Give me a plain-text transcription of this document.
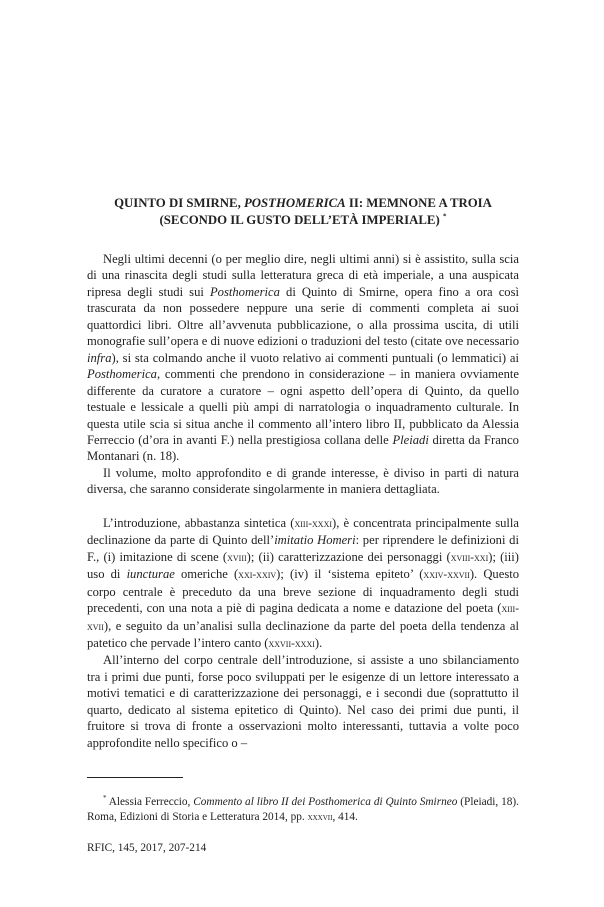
QUINTO DI SMIRNE, POSTHOMERICA II: MEMNONE A TROIA
(SECONDO IL GUSTO DELL’ETÀ IMPERIALE) *

Negli ultimi decenni (o per meglio dire, negli ultimi anni) si è assistito, sulla scia di una rinascita degli studi sulla letteratura greca di età imperiale, a una auspicata ripresa degli studi sui Posthomerica di Quinto di Smirne, opera fino a ora così trascurata da non possedere neppure una serie di commenti completa ai suoi quattordici libri. Oltre all’avvenuta pubblicazione, o alla prossima uscita, di utili monografie sull’opera e di nuove edizioni o traduzioni del testo (citate ove necessario infra), si sta colmando anche il vuoto relativo ai commenti puntuali (o lemmatici) ai Posthomerica, commenti che prendono in considerazione – in maniera ovviamente differente da curatore a curatore – ogni aspetto dell’opera di Quinto, da quello testuale e lessicale a quelli più ampi di narratologia o inquadramento culturale. In questa utile scia si situa anche il commento all’intero libro II, pubblicato da Alessia Ferreccio (d’ora in avanti F.) nella prestigiosa collana delle Pleiadi diretta da Franco Montanari (n. 18).

Il volume, molto approfondito e di grande interesse, è diviso in parti di natura diversa, che saranno considerate singolarmente in maniera dettagliata.

L’introduzione, abbastanza sintetica (xiii-xxxi), è concentrata principalmente sulla declinazione da parte di Quinto dell’imitatio Homeri: per riprendere le definizioni di F., (i) imitazione di scene (xviii); (ii) caratterizzazione dei personaggi (xviii-xxi); (iii) uso di iuncturae omeriche (xxi-xxiv); (iv) il ‘sistema epiteto’ (xxiv-xxvii). Questo corpo centrale è preceduto da una breve sezione di inquadramento degli studi precedenti, con una nota a piè di pagina dedicata a nome e datazione del poeta (xiii-xvii), e seguito da un’analisi sulla declinazione da parte del poeta della tendenza al patetico che pervade l’intero canto (xxvii-xxxi).

All’interno del corpo centrale dell’introduzione, si assiste a uno sbilanciamento tra i primi due punti, forse poco sviluppati per le esigenze di un lettore interessato a motivi tematici e di caratterizzazione dei personaggi, e i secondi due (soprattutto il quarto, dedicato al sistema epitetico di Quinto). Nel caso dei primi due punti, il fruitore si trova di fronte a osservazioni molto interessanti, tuttavia a volte poco approfondite nello specifico o –

* Alessia Ferreccio, Commento al libro II dei Posthomerica di Quinto Smirneo (Pleiadi, 18). Roma, Edizioni di Storia e Letteratura 2014, pp. xxxvii, 414.
RFIC, 145, 2017, 207-214
